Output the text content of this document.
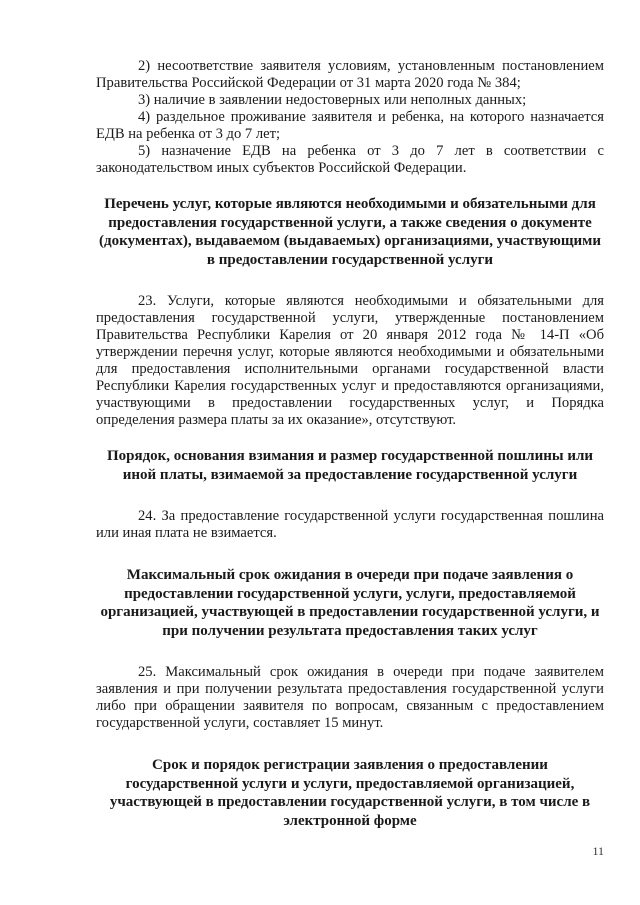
2) несоответствие заявителя условиям, установленным постановлением Правительства Российской Федерации от 31 марта 2020 года № 384;

3) наличие в заявлении недостоверных или неполных данных;

4) раздельное проживание заявителя и ребенка, на которого назначается ЕДВ на ребенка от 3 до 7 лет;

5) назначение ЕДВ на ребенка от 3 до 7 лет в соответствии с законодательством иных субъектов Российской Федерации.

Перечень услуг, которые являются необходимыми и обязательными для предоставления государственной услуги, а также сведения о документе (документах), выдаваемом (выдаваемых) организациями, участвующими в предоставлении государственной услуги

23. Услуги, которые являются необходимыми и обязательными для предоставления государственной услуги, утвержденные постановлением Правительства Республики Карелия от 20 января 2012 года № 14-П «Об утверждении перечня услуг, которые являются необходимыми и обязательными для предоставления исполнительными органами государственной власти Республики Карелия государственных услуг и предоставляются организациями, участвующими в предоставлении государственных услуг, и Порядка определения размера платы за их оказание», отсутствуют.

Порядок, основания взимания и размер государственной пошлины или иной платы, взимаемой за предоставление государственной услуги

24. За предоставление государственной услуги государственная пошлина или иная плата не взимается.

Максимальный срок ожидания в очереди при подаче заявления о предоставлении государственной услуги, услуги, предоставляемой организацией, участвующей в предоставлении государственной услуги, и при получении результата предоставления таких услуг

25. Максимальный срок ожидания в очереди при подаче заявителем заявления и при получении результата предоставления государственной услуги либо при обращении заявителя по вопросам, связанным с предоставлением государственной услуги, составляет 15 минут.

Срок и порядок регистрации заявления о предоставлении государственной услуги и услуги, предоставляемой организацией, участвующей в предоставлении государственной услуги, в том числе в электронной форме

11
